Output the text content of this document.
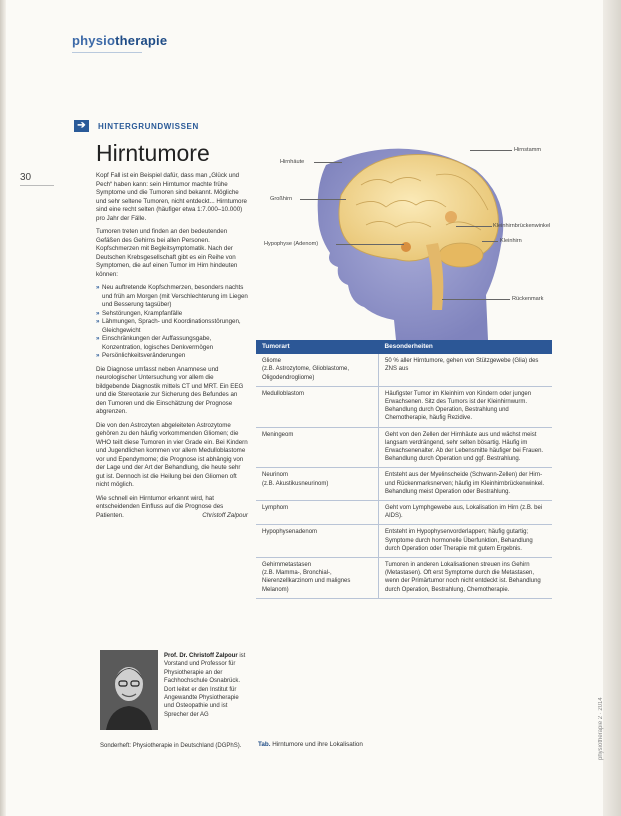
physiotherapie
30
➔	HINTERGRUNDWISSEN
Hirntumore

Kopf Fall ist ein Beispiel dafür, dass man „Glück und Pech“ haben kann: sein Hirntumor machte frühe Symptome und die Tumoren sind bekannt. Mögliche und sehr seltene Tumoren, nicht entdeckt... Hirntumore sind eine recht selten (häufiger etwa 1:7.000–10.000) pro Jahr der Fälle.

Tumoren treten und finden an den bedeutenden Gefäßen des Gehirns bei allen Personen. Kopfschmerzen mit Begleitsymptomatik. Nach der Deutschen Krebsgesellschaft gibt es ein Reihe von Symptomen, die auf einen Tumor im Hirn hindeuten können:

» Neu auftretende Kopfschmerzen, besonders nachts und früh am Morgen (mit Verschlechterung im Liegen und Besserung tagsüber)
» Sehstörungen, Krampfanfälle
» Lähmungen, Sprach- und Koordinationsstörungen, Gleichgewicht
» Einschränkungen der Auffassungsgabe, Konzentration, logisches Denkvermögen
» Persönlichkeitsveränderungen

Die Diagnose umfasst neben Anamnese und neurologischer Untersuchung vor allem die bildgebende Diagnostik mittels CT und MRT. Ein EEG und die Stereotaxie zur Sicherung des Befundes an den Tumoren und die Einschätzung der Prognose abgrenzen.

Die von den Astrozyten abgeleiteten Astrozytome gehören zu den häufig vorkommenden Gliomen; die WHO teilt diese Tumoren in vier Grade ein. Bei Kindern und Jugendlichen kommen vor allem Medulloblastome vor und Ependymome; die Prognose ist abhängig von der Lage und der Art der Behandlung, die heute sehr gut ist. Dennoch ist die Heilung bei den Gliomen oft nicht möglich.

Wie schnell ein Hirntumor erkannt wird, hat entscheidenden Einfluss auf die Prognose des Patienten.	Christoff Zalpour

Prof. Dr. Christoff Zalpour ist Vorstand und Professor für Physiotherapie an der Fachhochschule Osnabrück. Dort leitet er den Institut für Angewandte Physiotherapie und Osteopathie und ist Sprecher der AG
Sonderheft: Physiotherapie in Deutschland (DGPhS).
Hirnhäute
Großhirn
Hypophyse (Adenom)
Hirnstamm
Kleinhirnbrückenwinkel
Kleinhirn
Rückenmark
Tumorart	Besonderheiten
Gliome
(z.B. Astrozytome, Glioblastome, Oligodendrogliome)	50 % aller Hirntumore, gehen von Stützgewebe (Glia) des ZNS aus
Medulloblastom	Häufigster Tumor im Kleinhirn von Kindern oder jungen Erwachsenen. Sitz des Tumors ist der Kleinhirnwurm. Behandlung durch Operation, Bestrahlung und Chemotherapie, häufig Rezidive.
Meningeom	Geht von den Zellen der Hirnhäute aus und wächst meist langsam verdrängend, sehr selten bösartig. Häufig im Erwachsenenalter. Ab der Lebensmitte häufiger bei Frauen. Behandlung durch Operation und ggf. Bestrahlung.
Neurinom
(z.B. Akustikusneurinom)	Entsteht aus der Myelinscheide (Schwann-Zellen) der Hirn- und Rückenmarksnerven; häufig im Kleinhirnbrückenwinkel. Behandlung meist Operation oder Bestrahlung.
Lymphom	Geht vom Lymphgewebe aus, Lokalisation im Hirn (z.B. bei AIDS).
Hypophysenadenom	Entsteht im Hypophysenvorderlappen; häufig gutartig; Symptome durch hormonelle Überfunktion, Behandlung durch Operation oder Therapie mit gutem Ergebnis.
Gehirnmetastasen
(z.B. Mamma-, Bronchial-, Nierenzellkarzinom und malignes Melanom)	Tumoren in anderen Lokalisationen streuen ins Gehirn (Metastasen). Oft erst Symptome durch die Metastasen, wenn der Primärtumor noch nicht entdeckt ist. Behandlung durch Operation, Bestrahlung, Chemotherapie.
Tab. Hirntumore und ihre Lokalisation	physiotherapie 2 · 2014
